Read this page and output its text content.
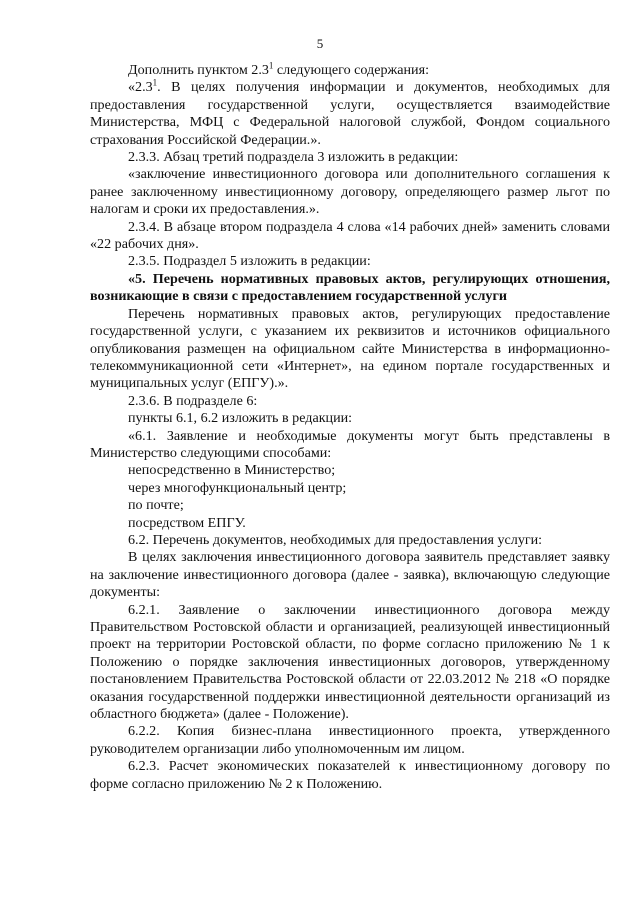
5

Дополнить пунктом $2.3^1$ следующего содержания:

«$2.3^1$. В целях получения информации и документов, необходимых для предоставления государственной услуги, осуществляется взаимодействие Министерства, МФЦ с Федеральной налоговой службой, Фондом социального страхования Российской Федерации.».

2.3.3. Абзац третий подраздела 3 изложить в редакции:

«заключение инвестиционного договора или дополнительного соглашения к ранее заключенному инвестиционному договору, определяющего размер льгот по налогам и сроки их предоставления.».

2.3.4. В абзаце втором подраздела 4 слова «14 рабочих дней» заменить словами «22 рабочих дня».

2.3.5. Подраздел 5 изложить в редакции:

«5. Перечень нормативных правовых актов, регулирующих отношения, возникающие в связи с предоставлением государственной услуги

Перечень нормативных правовых актов, регулирующих предоставление государственной услуги, с указанием их реквизитов и источников официального опубликования размещен на официальном сайте Министерства в информационно-телекоммуникационной сети «Интернет», на едином портале государственных и муниципальных услуг (ЕПГУ).».

2.3.6. В подразделе 6:

пункты 6.1, 6.2 изложить в редакции:

«6.1. Заявление и необходимые документы могут быть представлены в Министерство следующими способами:

непосредственно в Министерство;

через многофункциональный центр;

по почте;

посредством ЕПГУ.

6.2. Перечень документов, необходимых для предоставления услуги:

В целях заключения инвестиционного договора заявитель представляет заявку на заключение инвестиционного договора (далее - заявка), включающую следующие документы:

6.2.1. Заявление о заключении инвестиционного договора между Правительством Ростовской области и организацией, реализующей инвестиционный проект на территории Ростовской области, по форме согласно приложению № 1 к Положению о порядке заключения инвестиционных договоров, утвержденному постановлением Правительства Ростовской области от 22.03.2012 № 218 «О порядке оказания государственной поддержки инвестиционной деятельности организаций из областного бюджета» (далее - Положение).

6.2.2. Копия бизнес-плана инвестиционного проекта, утвержденного руководителем организации либо уполномоченным им лицом.

6.2.3. Расчет экономических показателей к инвестиционному договору по форме согласно приложению № 2 к Положению.
